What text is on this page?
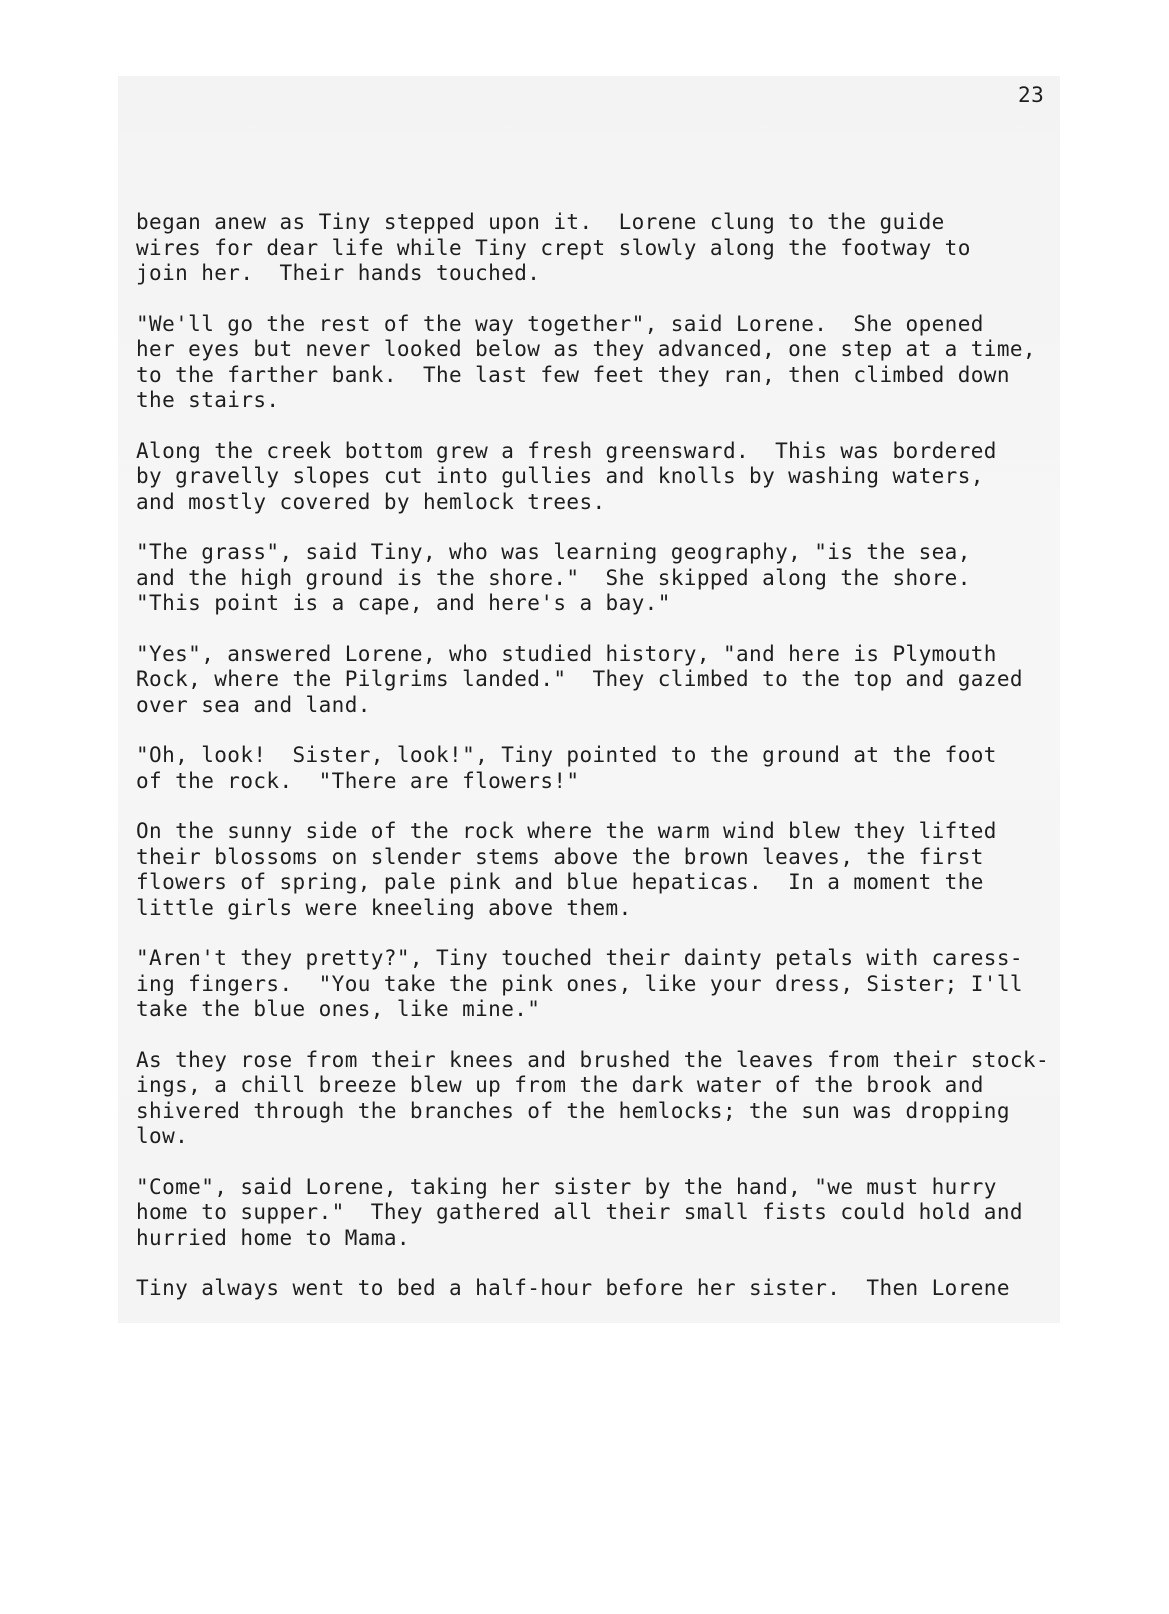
23
began anew as Tiny stepped upon it.  Lorene clung to the guide
wires for dear life while Tiny crept slowly along the footway to
join her.  Their hands touched.
"We'll go the rest of the way together", said Lorene.  She opened
her eyes but never looked below as they advanced, one step at a time,
to the farther bank.  The last few feet they ran, then climbed down
the stairs.
Along the creek bottom grew a fresh greensward.  This was bordered
by gravelly slopes cut into gullies and knolls by washing waters,
and mostly covered by hemlock trees.
"The grass", said Tiny, who was learning geography, "is the sea,
and the high ground is the shore."  She skipped along the shore.
"This point is a cape, and here's a bay."
"Yes", answered Lorene, who studied history, "and here is Plymouth
Rock, where the Pilgrims landed."  They climbed to the top and gazed
over sea and land.
"Oh, look!  Sister, look!", Tiny pointed to the ground at the foot
of the rock.  "There are flowers!"
On the sunny side of the rock where the warm wind blew they lifted
their blossoms on slender stems above the brown leaves, the first
flowers of spring, pale pink and blue hepaticas.  In a moment the
little girls were kneeling above them.
"Aren't they pretty?", Tiny touched their dainty petals with caress-
ing fingers.  "You take the pink ones, like your dress, Sister; I'll
take the blue ones, like mine."
As they rose from their knees and brushed the leaves from their stock-
ings, a chill breeze blew up from the dark water of the brook and
shivered through the branches of the hemlocks; the sun was dropping
low.
"Come", said Lorene, taking her sister by the hand, "we must hurry
home to supper."  They gathered all their small fists could hold and
hurried home to Mama.
Tiny always went to bed a half-hour before her sister.  Then Lorene
